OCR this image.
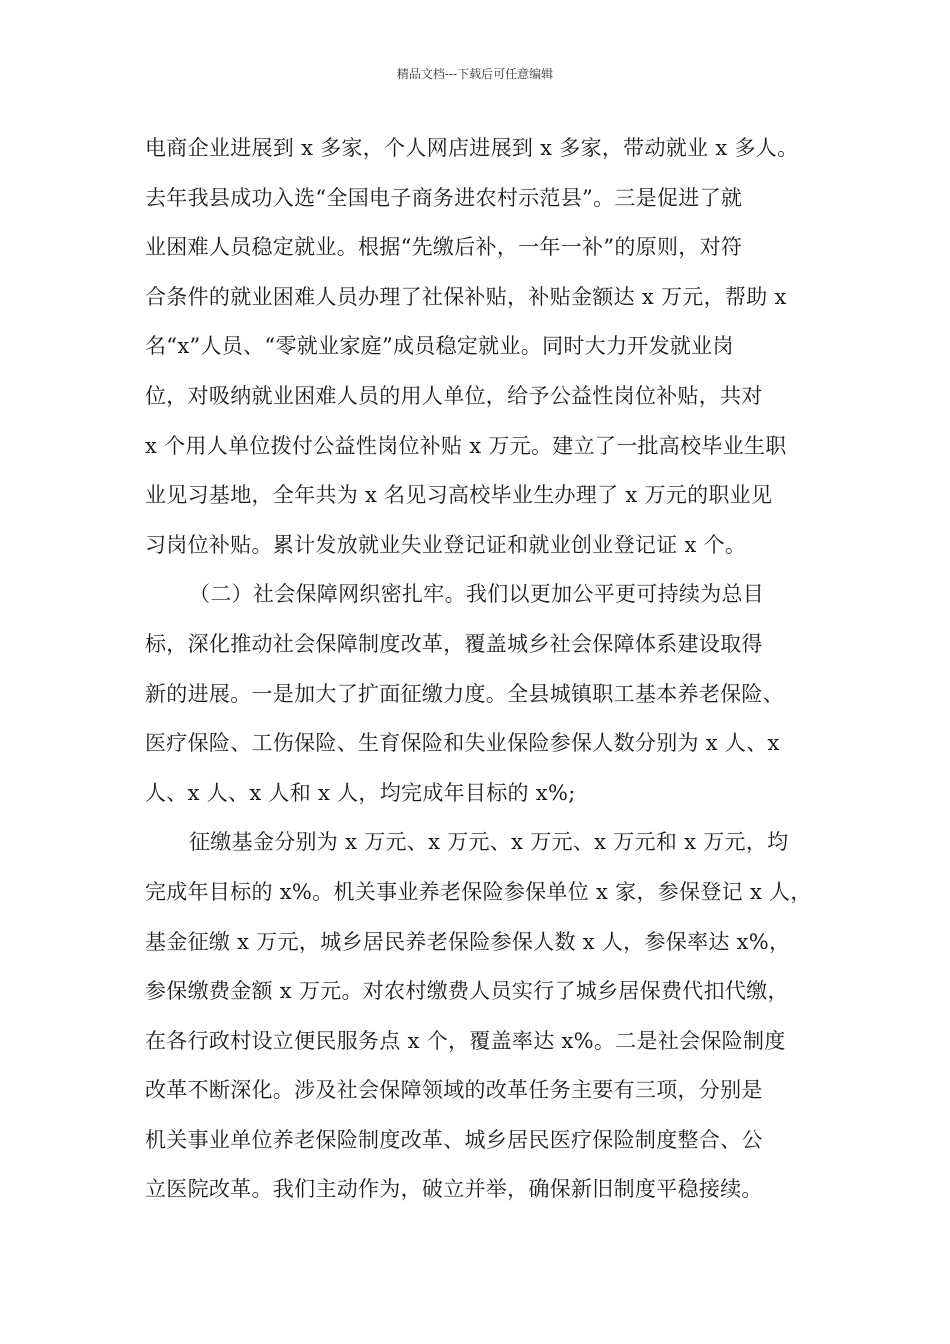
精品文档---下载后可任意编辑
电商企业进展到 x 多家，个人网店进展到 x 多家，带动就业 x 多人。
去年我县成功入选“全国电子商务进农村示范县”。三是促进了就
业困难人员稳定就业。根据“先缴后补，一年一补”的原则，对符
合条件的就业困难人员办理了社保补贴，补贴金额达 x 万元，帮助 x
名“x”人员、“零就业家庭”成员稳定就业。同时大力开发就业岗
位，对吸纳就业困难人员的用人单位，给予公益性岗位补贴，共对
x 个用人单位拨付公益性岗位补贴 x 万元。建立了一批高校毕业生职
业见习基地，全年共为 x 名见习高校毕业生办理了 x 万元的职业见
习岗位补贴。累计发放就业失业登记证和就业创业登记证 x 个。
（二）社会保障网织密扎牢。我们以更加公平更可持续为总目
标，深化推动社会保障制度改革，覆盖城乡社会保障体系建设取得
新的进展。一是加大了扩面征缴力度。全县城镇职工基本养老保险、
医疗保险、工伤保险、生育保险和失业保险参保人数分别为 x 人、x
人、x 人、x 人和 x 人，均完成年目标的 x%;
征缴基金分别为 x 万元、x 万元、x 万元、x 万元和 x 万元，均
完成年目标的 x%。机关事业养老保险参保单位 x 家，参保登记 x 人，
基金征缴 x 万元，城乡居民养老保险参保人数 x 人，参保率达 x%，
参保缴费金额 x 万元。对农村缴费人员实行了城乡居保费代扣代缴，
在各行政村设立便民服务点 x 个，覆盖率达 x%。二是社会保险制度
改革不断深化。涉及社会保障领域的改革任务主要有三项，分别是
机关事业单位养老保险制度改革、城乡居民医疗保险制度整合、公
立医院改革。我们主动作为，破立并举，确保新旧制度平稳接续。
